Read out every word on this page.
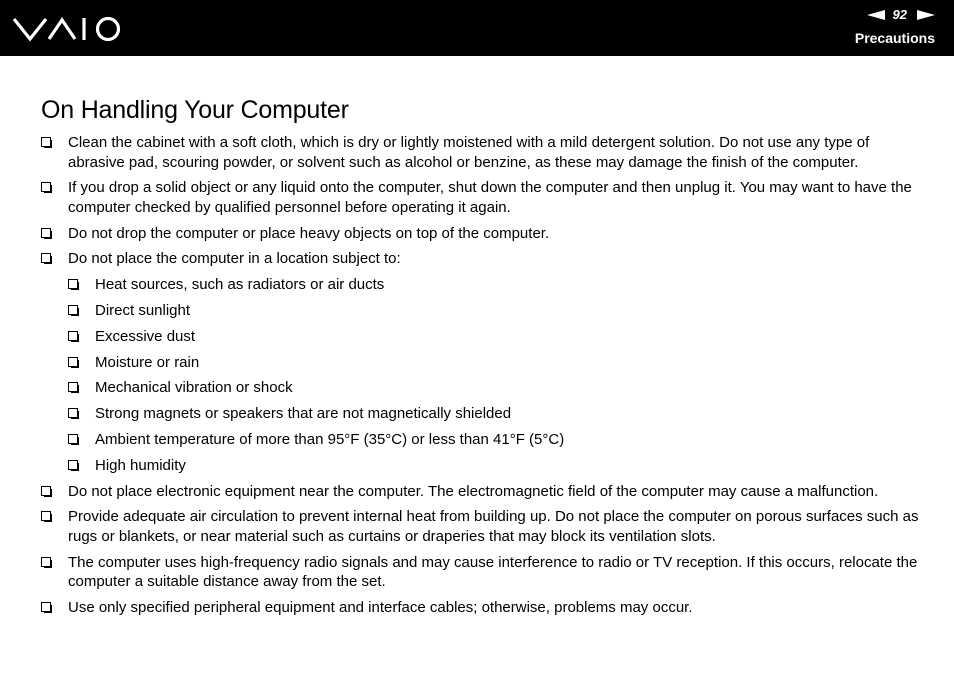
92
Precautions
On Handling Your Computer
Clean the cabinet with a soft cloth, which is dry or lightly moistened with a mild detergent solution. Do not use any type of abrasive pad, scouring powder, or solvent such as alcohol or benzine, as these may damage the finish of the computer.
If you drop a solid object or any liquid onto the computer, shut down the computer and then unplug it. You may want to have the computer checked by qualified personnel before operating it again.
Do not drop the computer or place heavy objects on top of the computer.
Do not place the computer in a location subject to:
Heat sources, such as radiators or air ducts
Direct sunlight
Excessive dust
Moisture or rain
Mechanical vibration or shock
Strong magnets or speakers that are not magnetically shielded
Ambient temperature of more than 95°F (35°C) or less than 41°F (5°C)
High humidity
Do not place electronic equipment near the computer. The electromagnetic field of the computer may cause a malfunction.
Provide adequate air circulation to prevent internal heat from building up. Do not place the computer on porous surfaces such as rugs or blankets, or near material such as curtains or draperies that may block its ventilation slots.
The computer uses high-frequency radio signals and may cause interference to radio or TV reception. If this occurs, relocate the computer a suitable distance away from the set.
Use only specified peripheral equipment and interface cables; otherwise, problems may occur.
